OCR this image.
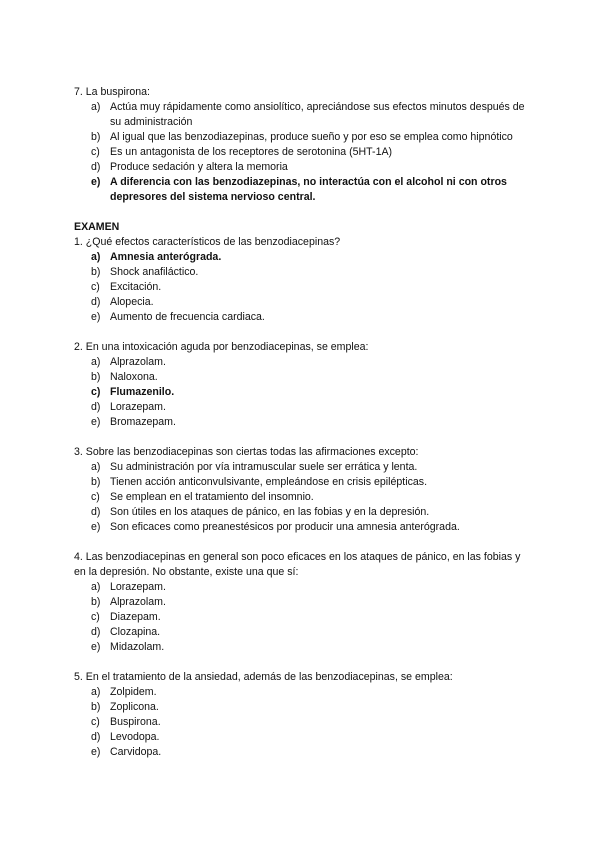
7. La buspirona:

a) Actúa muy rápidamente como ansiolítico, apreciándose sus efectos minutos después de su administración
b) Al igual que las benzodiazepinas, produce sueño y por eso se emplea como hipnótico
c) Es un antagonista de los receptores de serotonina (5HT-1A)
d) Produce sedación y altera la memoria
e) A diferencia con las benzodiazepinas, no interactúa con el alcohol ni con otros depresores del sistema nervioso central.

EXAMEN

1. ¿Qué efectos característicos de las benzodiacepinas?

a) Amnesia anterógrada.
b) Shock anafiláctico.
c) Excitación.
d) Alopecia.
e) Aumento de frecuencia cardiaca.

2. En una intoxicación aguda por benzodiacepinas, se emplea:

a) Alprazolam.
b) Naloxona.
c) Flumazenilo.
d) Lorazepam.
e) Bromazepam.

3. Sobre las benzodiacepinas son ciertas todas las afirmaciones excepto:

a) Su administración por vía intramuscular suele ser errática y lenta.
b) Tienen acción anticonvulsivante, empleándose en crisis epilépticas.
c) Se emplean en el tratamiento del insomnio.
d) Son útiles en los ataques de pánico, en las fobias y en la depresión.
e) Son eficaces como preanestésicos por producir una amnesia anterógrada.

4. Las benzodiacepinas en general son poco eficaces en los ataques de pánico, en las fobias y en la depresión. No obstante, existe una que sí:

a) Lorazepam.
b) Alprazolam.
c) Diazepam.
d) Clozapina.
e) Midazolam.

5. En el tratamiento de la ansiedad, además de las benzodiacepinas, se emplea:

a) Zolpidem.
b) Zoplicona.
c) Buspirona.
d) Levodopa.
e) Carvidopa.
